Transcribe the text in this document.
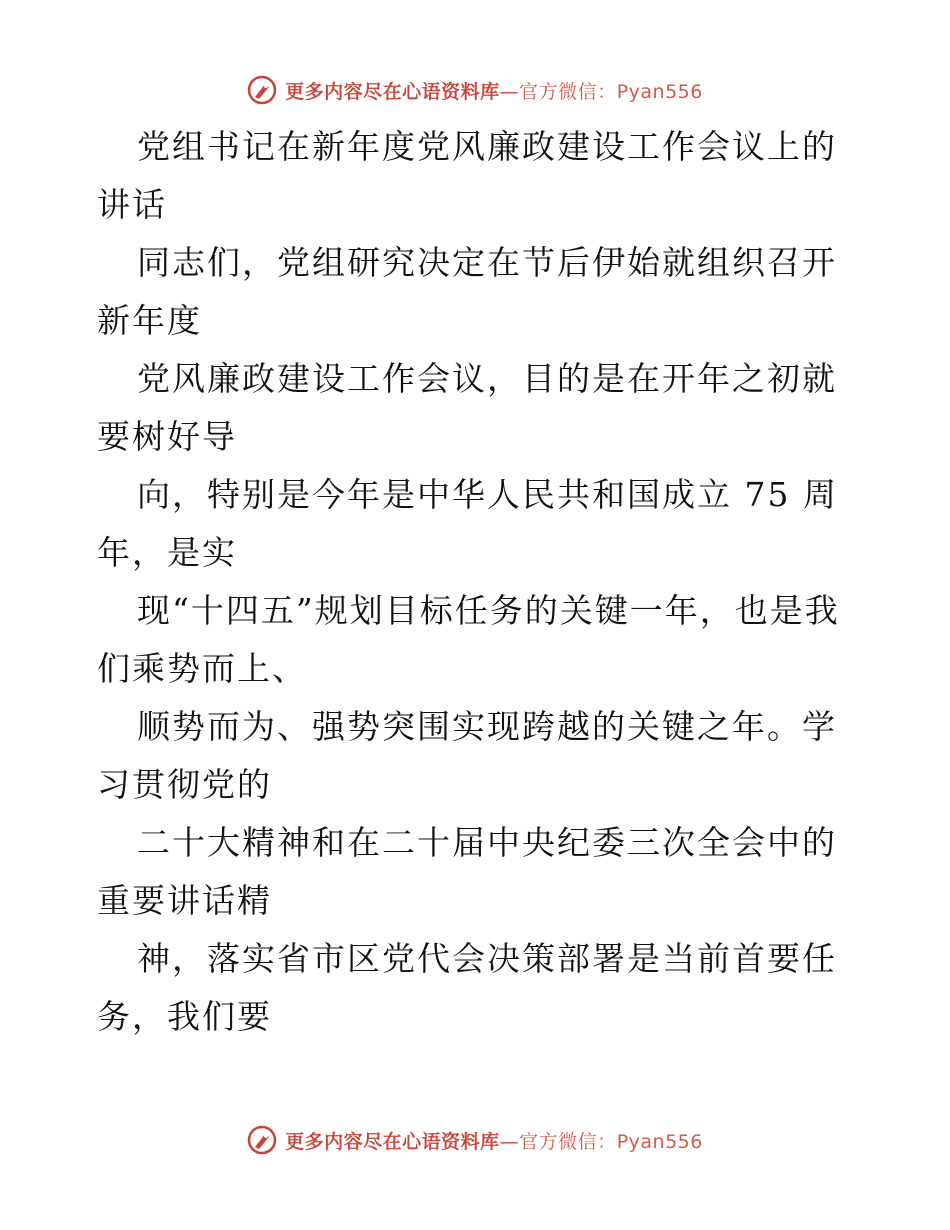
更多内容尽在心语资料库—官方微信：Pyan556

党组书记在新年度党风廉政建设工作会议上的讲话

同志们，党组研究决定在节后伊始就组织召开新年度

党风廉政建设工作会议，目的是在开年之初就要树好导

向，特别是今年是中华人民共和国成立 75 周年，是实

现“十四五”规划目标任务的关键一年，也是我们乘势而上、

顺势而为、强势突围实现跨越的关键之年。学习贯彻党的

二十大精神和在二十届中央纪委三次全会中的重要讲话精

神，落实省市区党代会决策部署是当前首要任务，我们要

更多内容尽在心语资料库—官方微信：Pyan556
